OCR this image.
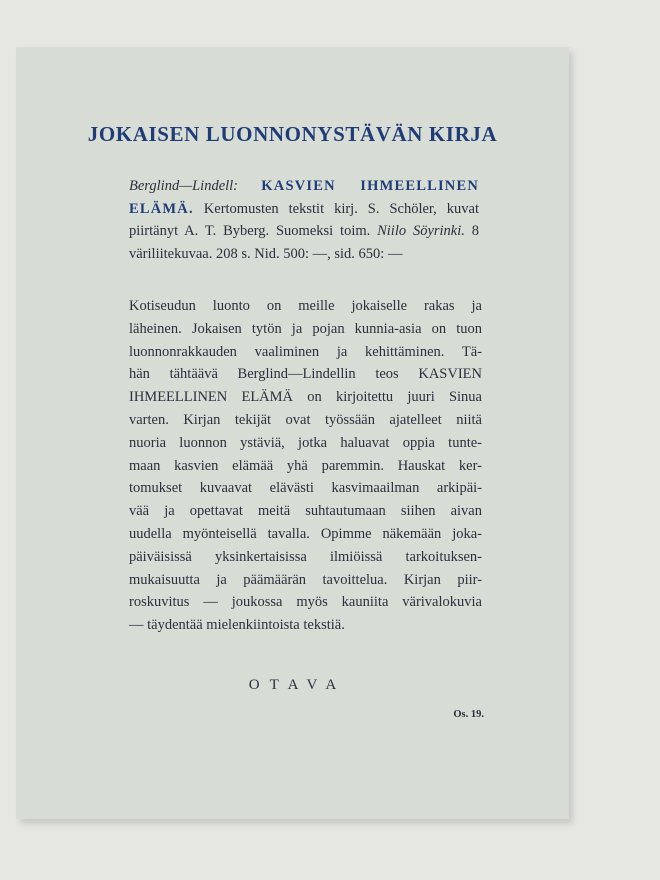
JOKAISEN LUONNONYSTÄVÄN KIRJA
Berglind—Lindell: KASVIEN IHMEELLINEN ELÄMÄ. Kertomusten tekstit kirj. S. Schöler, kuvat piirtänyt A. T. Byberg. Suomeksi toim. Niilo Söyrinki. 8 väriliitekuvaa. 208 s. Nid. 500: —, sid. 650: —
Kotiseudun luonto on meille jokaiselle rakas ja
läheinen. Jokaisen tytön ja pojan kunnia-asia on tuon
luonnonrakkauden vaaliminen ja kehittäminen. Tä-
hän tähtäävä Berglind—Lindellin teos KASVIEN
IHMEELLINEN ELÄMÄ on kirjoitettu juuri Sinua
varten. Kirjan tekijät ovat työssään ajatelleet niitä
nuoria luonnon ystäviä, jotka haluavat oppia tunte-
maan kasvien elämää yhä paremmin. Hauskat ker-
tomukset kuvaavat elävästi kasvimaailman arkipäi-
vää ja opettavat meitä suhtautumaan siihen aivan
uudella myönteisellä tavalla. Opimme näkemään joka-
päiväisissä yksinkertaisissa ilmiöissä tarkoituksen-
mukaisuutta ja päämäärän tavoittelua. Kirjan piir-
roskuvitus — joukossa myös kauniita värivalokuvia
— täydentää mielenkiintoista tekstiä.
OTAVA
Os. 19.
